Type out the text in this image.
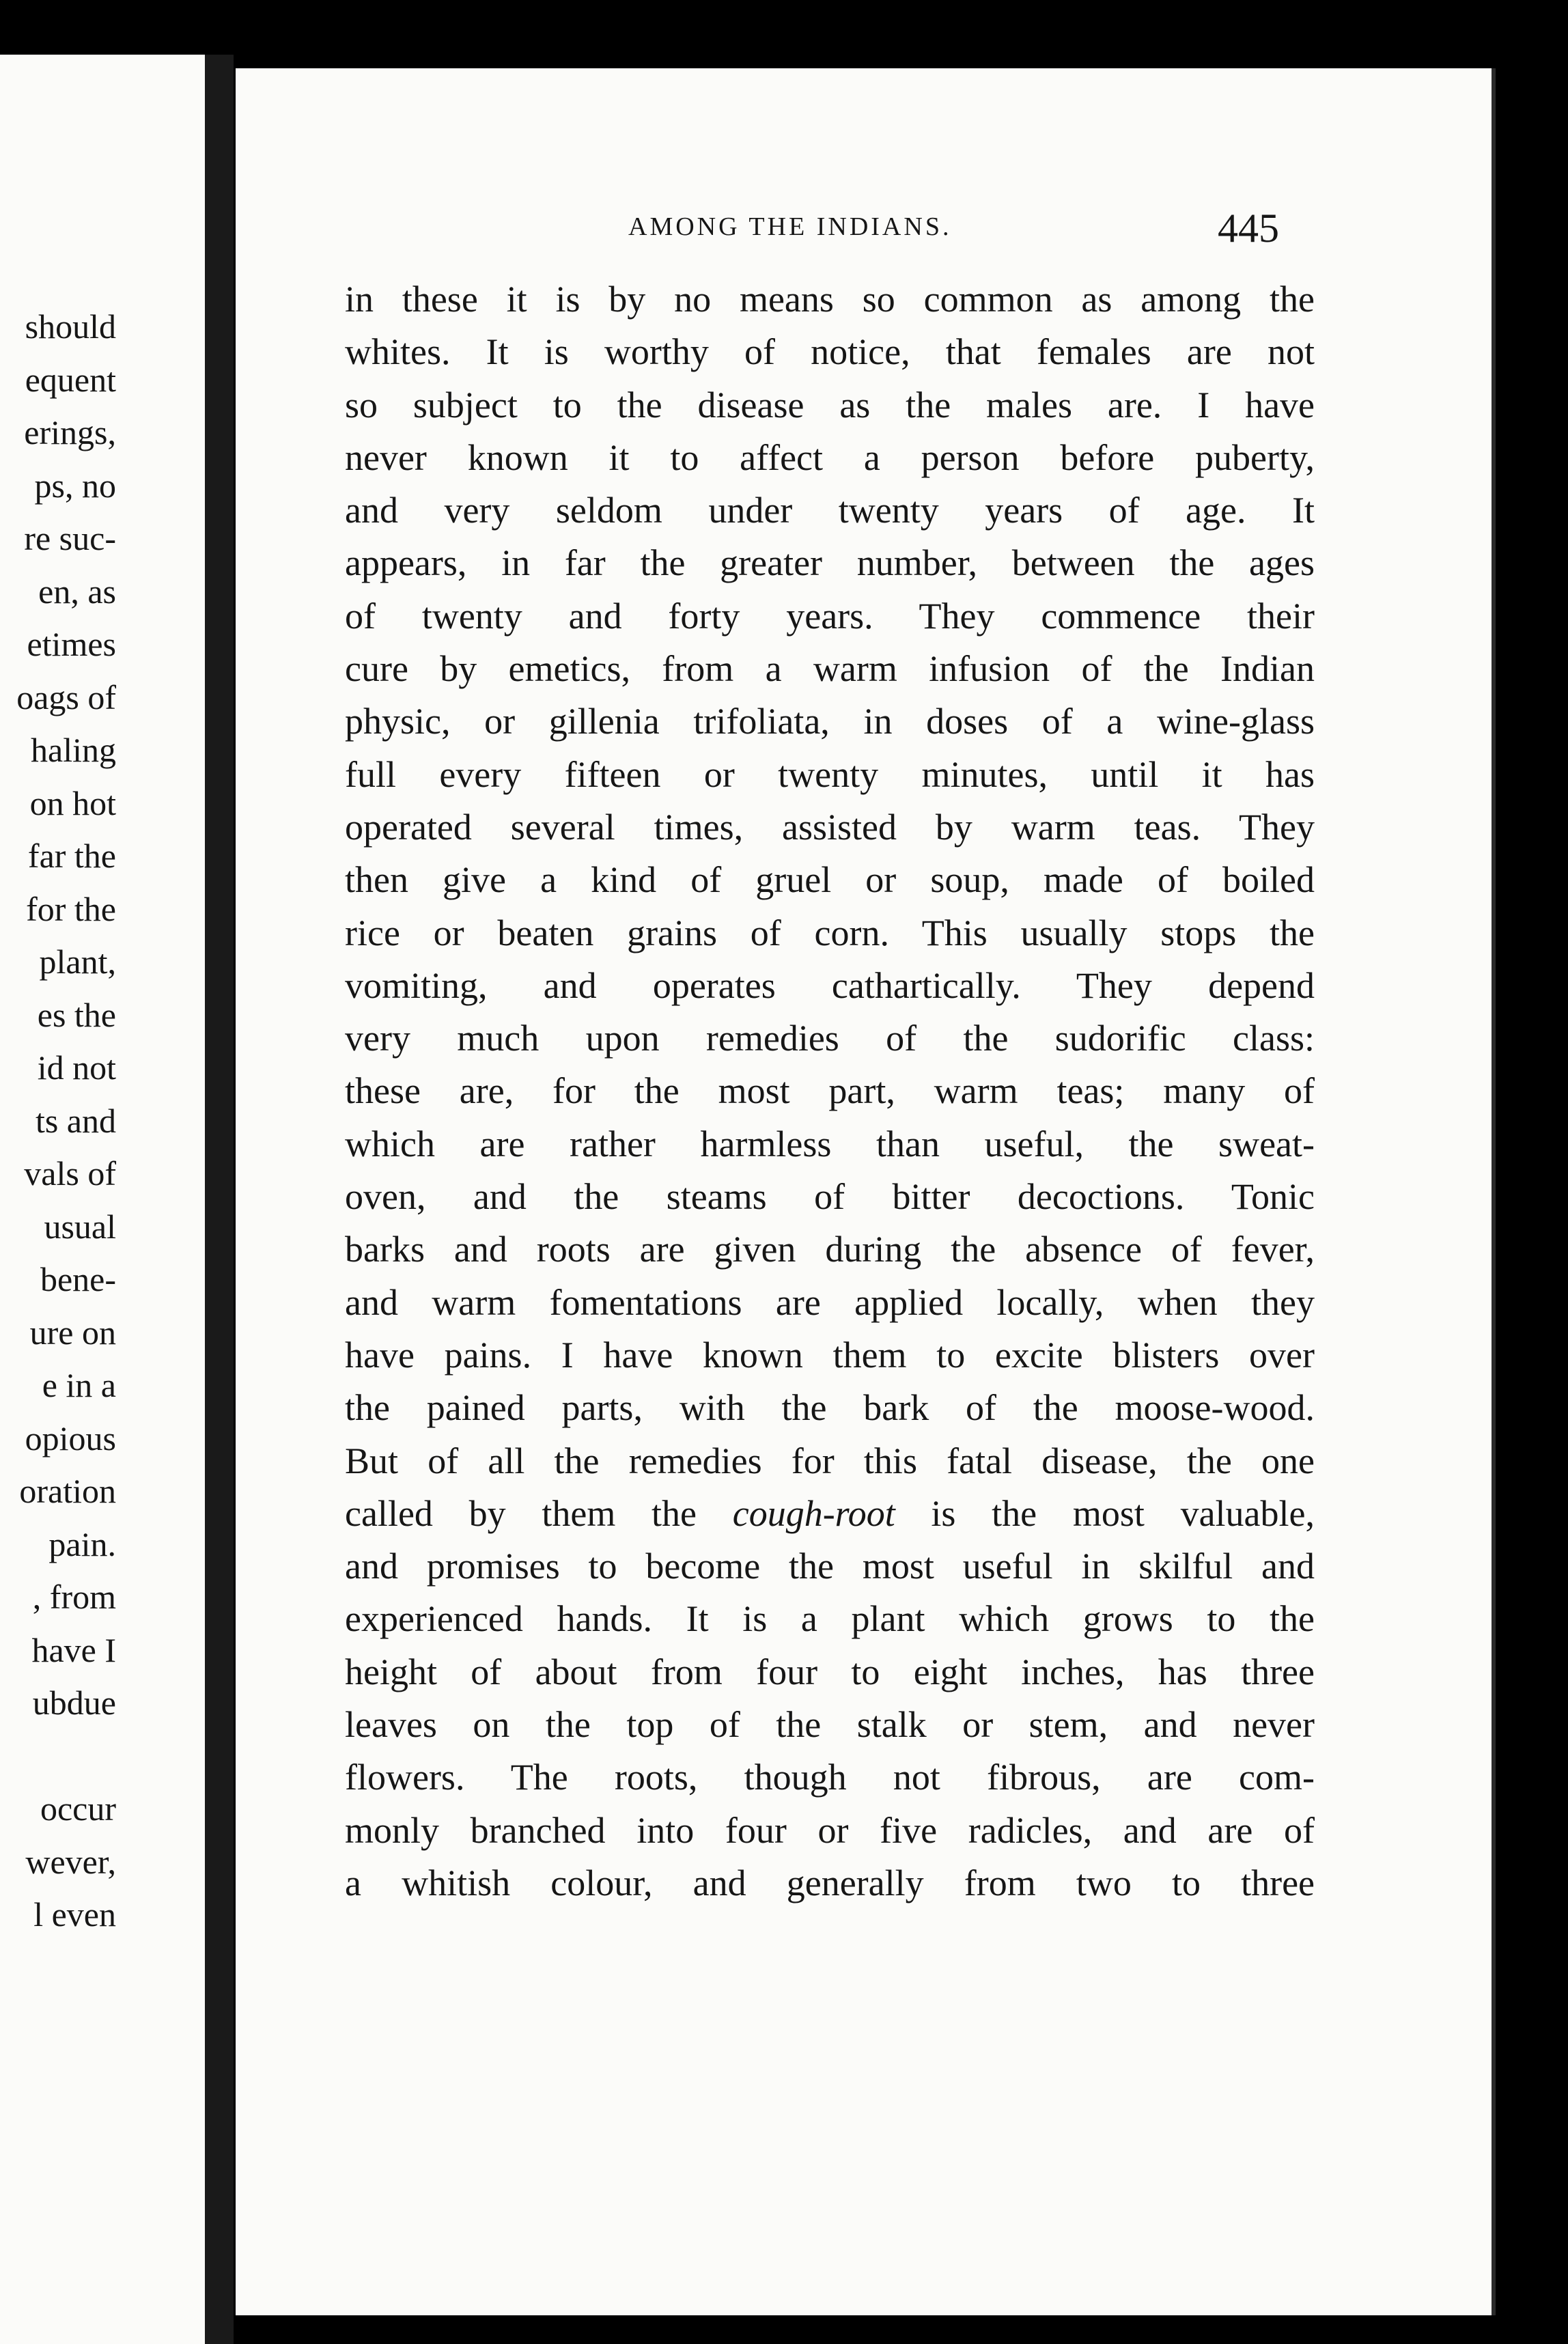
should
equent
erings,
ps, no
re suc-
en, as
etimes
oags of
haling
on hot
far the
for the
plant,
es the
id not
ts and
vals of
usual
bene-
ure on
e in a
opious
oration
pain.
, from
have I
ubdue
occur
wever,
l even
AMONG THE INDIANS.	445
in these it is by no means so common as among the
whites. It is worthy of notice, that females are not
so subject to the disease as the males are. I have
never known it to affect a person before puberty,
and very seldom under twenty years of age. It
appears, in far the greater number, between the ages
of twenty and forty years. They commence their
cure by emetics, from a warm infusion of the Indian
physic, or gillenia trifoliata, in doses of a wine-glass
full every fifteen or twenty minutes, until it has
operated several times, assisted by warm teas. They
then give a kind of gruel or soup, made of boiled
rice or beaten grains of corn. This usually stops the
vomiting, and operates cathartically. They depend
very much upon remedies of the sudorific class:
these are, for the most part, warm teas; many of
which are rather harmless than useful, the sweat-
oven, and the steams of bitter decoctions. Tonic
barks and roots are given during the absence of fever,
and warm fomentations are applied locally, when they
have pains. I have known them to excite blisters over
the pained parts, with the bark of the moose-wood.
But of all the remedies for this fatal disease, the one
called by them the cough-root is the most valuable,
and promises to become the most useful in skilful and
experienced hands. It is a plant which grows to the
height of about from four to eight inches, has three
leaves on the top of the stalk or stem, and never
flowers. The roots, though not fibrous, are com-
monly branched into four or five radicles, and are of
a whitish colour, and generally from two to three
